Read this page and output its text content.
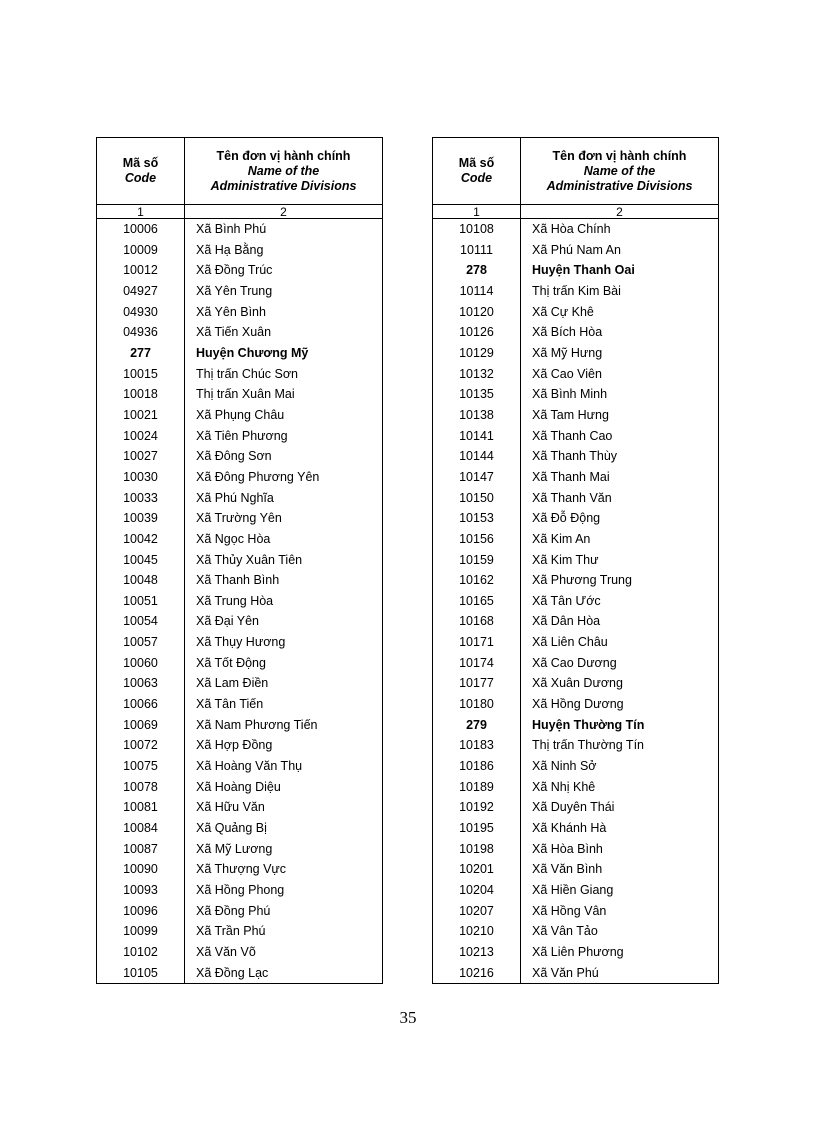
Mã số
Code	Tên đơn vị hành chính
Name of the
Administrative Divisions

1	2
10006	Xã Bình Phú
10009	Xã Hạ Bằng
10012	Xã Đồng Trúc
04927	Xã Yên Trung
04930	Xã Yên Bình
04936	Xã Tiến Xuân
277	Huyện Chương Mỹ
10015	Thị trấn Chúc Sơn
10018	Thị trấn Xuân Mai
10021	Xã Phụng Châu
10024	Xã Tiên Phương
10027	Xã Đông Sơn
10030	Xã Đông Phương Yên
10033	Xã Phú Nghĩa
10039	Xã Trường Yên
10042	Xã Ngọc Hòa
10045	Xã Thủy Xuân Tiên
10048	Xã Thanh Bình
10051	Xã Trung Hòa
10054	Xã Đại Yên
10057	Xã Thụy Hương
10060	Xã Tốt Động
10063	Xã Lam Điền
10066	Xã Tân Tiến
10069	Xã Nam Phương Tiến
10072	Xã Hợp Đồng
10075	Xã Hoàng Văn Thụ
10078	Xã Hoàng Diệu
10081	Xã Hữu Văn
10084	Xã Quảng Bị
10087	Xã Mỹ Lương
10090	Xã Thượng Vực
10093	Xã Hồng Phong
10096	Xã Đồng Phú
10099	Xã Trần Phú
10102	Xã Văn Võ
10105	Xã Đồng Lạc
Mã số
Code	Tên đơn vị hành chính
Name of the
Administrative Divisions

1	2
10108	Xã Hòa Chính
10111	Xã Phú Nam An
278	Huyện Thanh Oai
10114	Thị trấn Kim Bài
10120	Xã Cự Khê
10126	Xã Bích Hòa
10129	Xã Mỹ Hưng
10132	Xã Cao Viên
10135	Xã Bình Minh
10138	Xã Tam Hưng
10141	Xã Thanh Cao
10144	Xã Thanh Thùy
10147	Xã Thanh Mai
10150	Xã Thanh Văn
10153	Xã Đỗ Động
10156	Xã Kim An
10159	Xã Kim Thư
10162	Xã Phương Trung
10165	Xã Tân Ước
10168	Xã Dân Hòa
10171	Xã Liên Châu
10174	Xã Cao Dương
10177	Xã Xuân Dương
10180	Xã Hồng Dương
279	Huyện Thường Tín
10183	Thị trấn Thường Tín
10186	Xã Ninh Sở
10189	Xã Nhị Khê
10192	Xã Duyên Thái
10195	Xã Khánh Hà
10198	Xã Hòa Bình
10201	Xã Văn Bình
10204	Xã Hiền Giang
10207	Xã Hồng Vân
10210	Xã Vân Tảo
10213	Xã Liên Phương
10216	Xã Văn Phú
35
